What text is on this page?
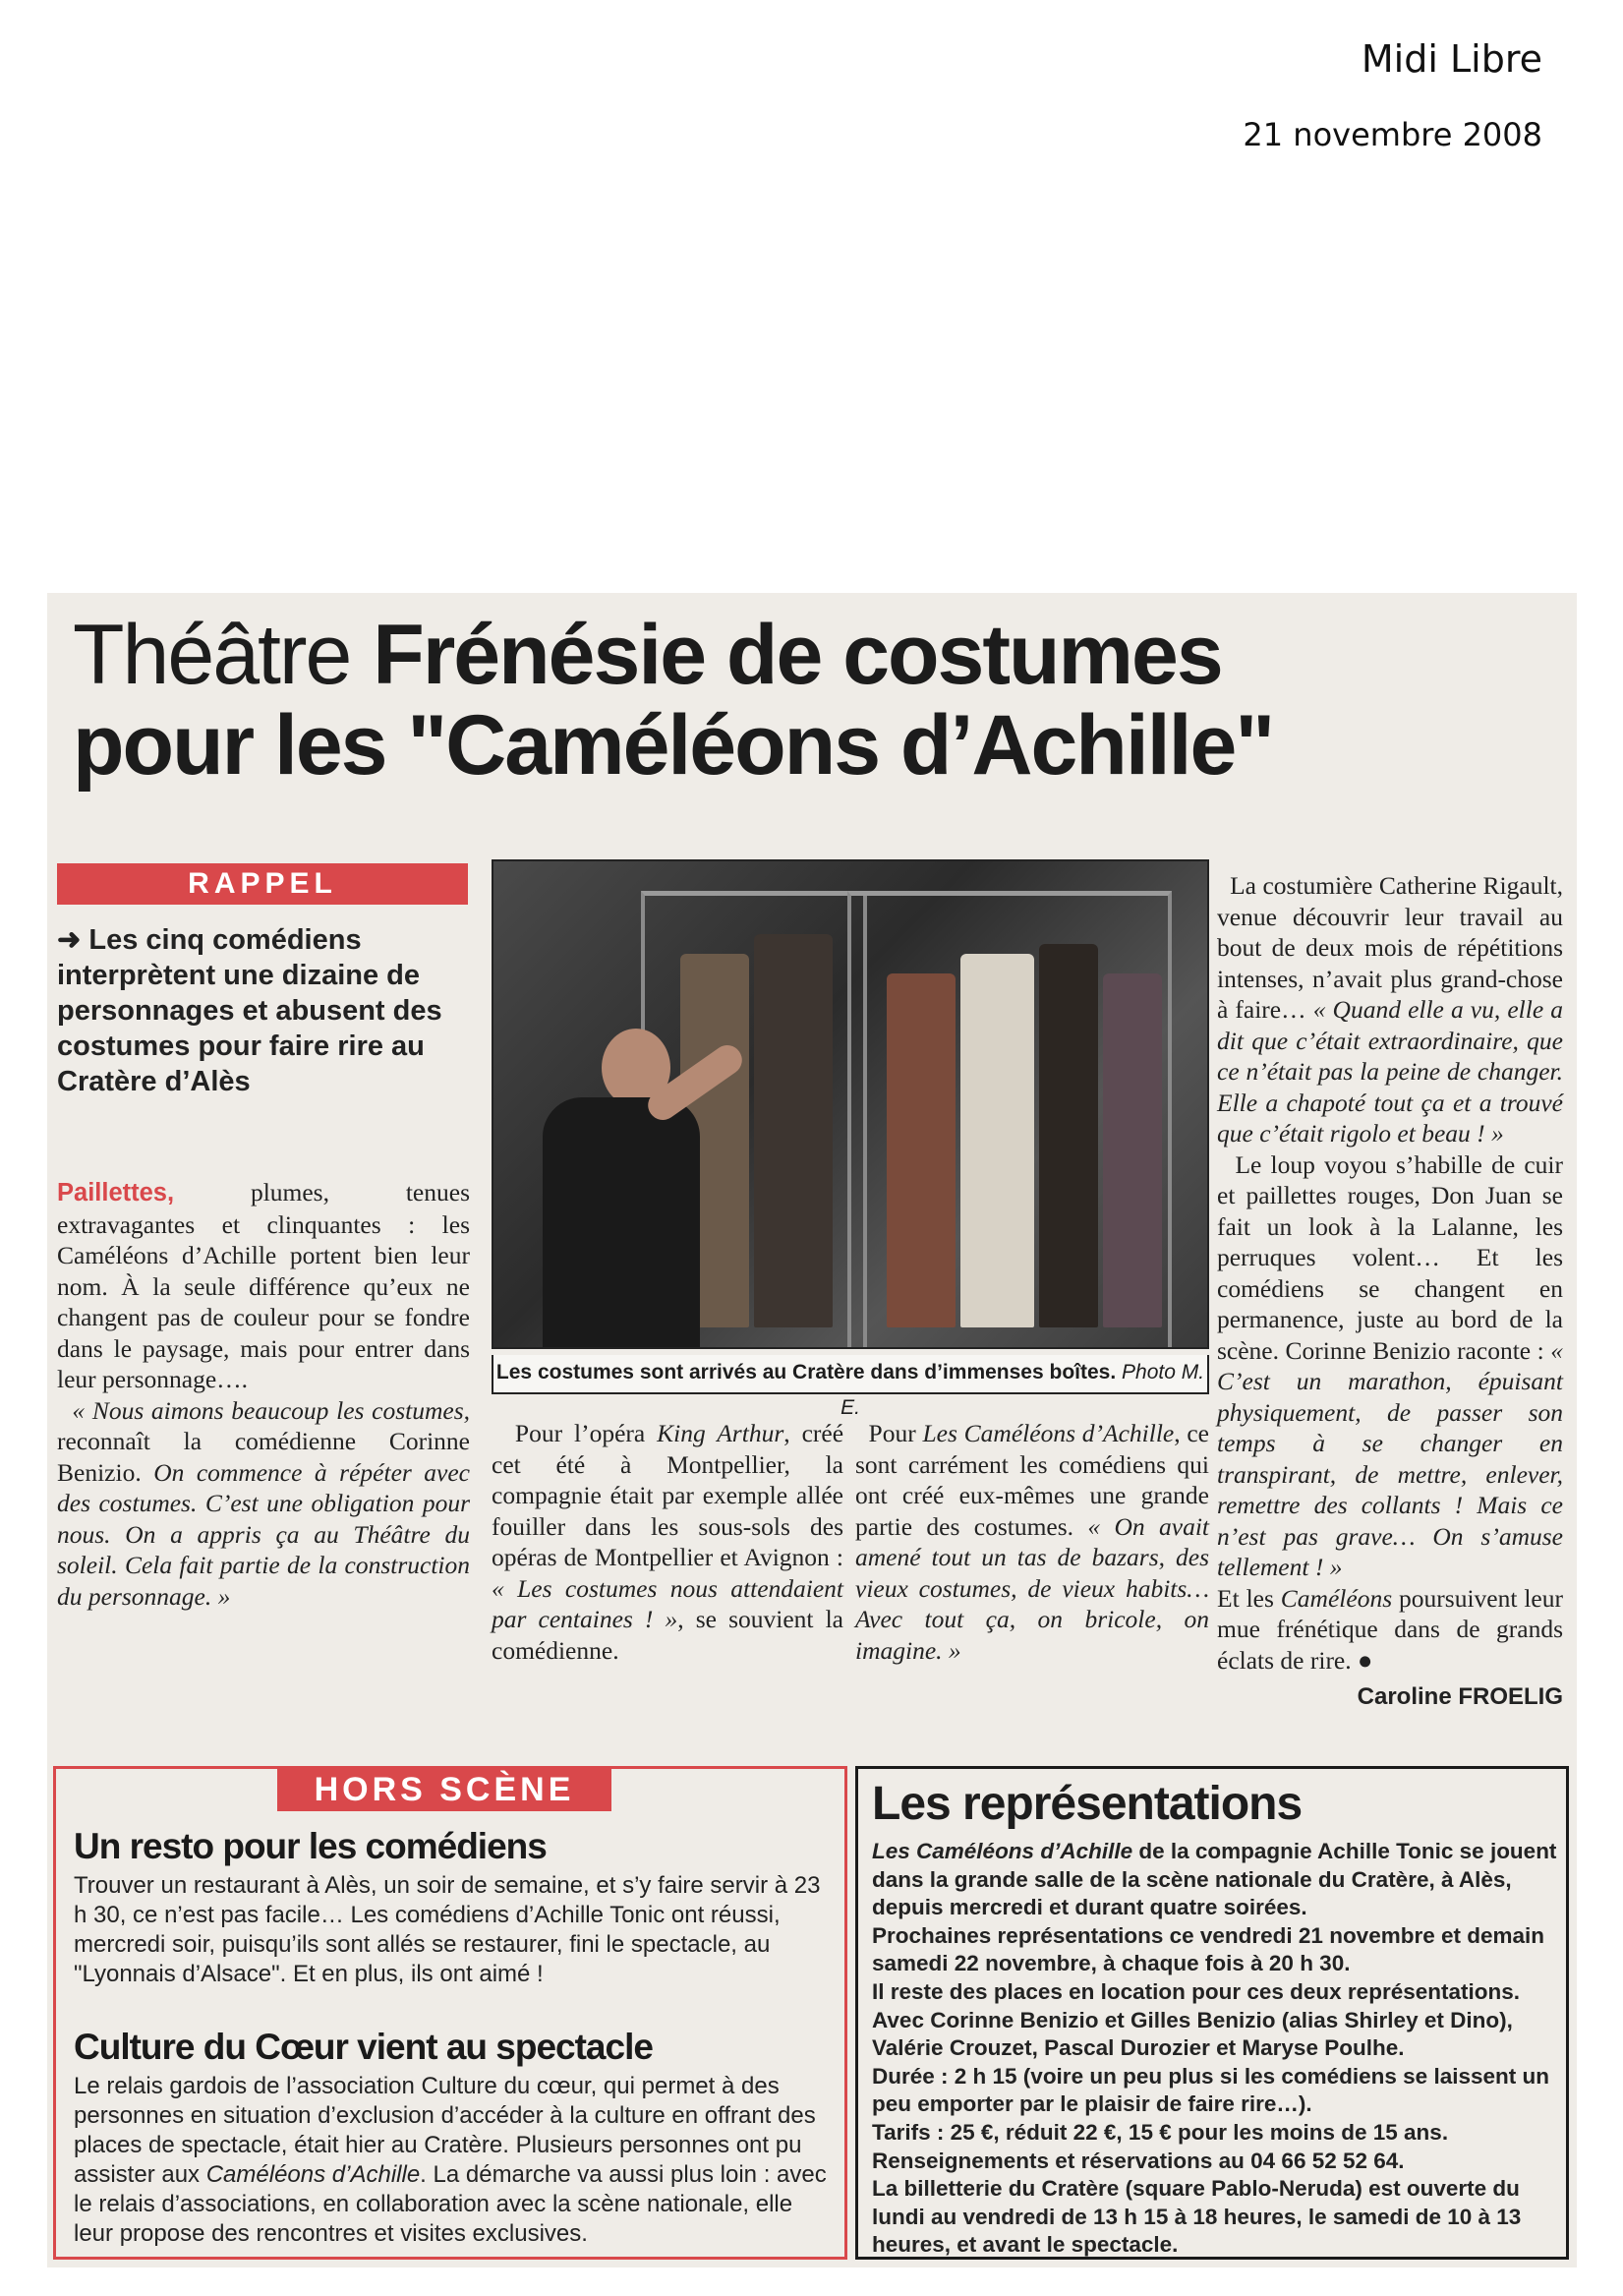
Midi Libre
21 novembre 2008
Théâtre Frénésie de costumes
pour les "Caméléons d’Achille"
RAPPEL
➜ Les cinq comédiens interprètent une dizaine de personnages et abusent des costumes pour faire rire au Cratère d’Alès

Paillettes,	plumes, tenues extravagantes et clinquantes : les Caméléons d’Achille portent bien leur nom. À la seule différence qu’eux ne changent pas de couleur pour se fondre dans le paysage, mais pour entrer dans leur personnage….

« Nous aimons beaucoup les costumes, reconnaît la comédienne Corinne Benizio. On commence à répéter avec des costumes. C’est une obligation pour nous. On a appris ça au Théâtre du soleil. Cela fait partie de la construction du personnage. »

Les costumes sont arrivés au Cratère dans d’immenses boîtes. Photo M. E.

Pour l’opéra King Arthur, créé cet été à Montpellier, la compagnie était par exemple allée fouiller dans les sous-sols des opéras de Montpellier et Avignon : « Les costumes nous attendaient par centaines ! », se souvient la comédienne.

Pour Les Caméléons d’Achille, ce sont carrément les comédiens qui ont créé eux-mêmes une grande partie des costumes. « On avait amené tout un tas de bazars, des vieux costumes, de vieux habits… Avec tout ça, on bricole, on imagine. »

La costumière Catherine Rigault, venue découvrir leur travail au bout de deux mois de répétitions intenses, n’avait plus grand-chose à faire… « Quand elle a vu, elle a dit que c’était extraordinaire, que ce n’était pas la peine de changer. Elle a chapoté tout ça et a trouvé que c’était rigolo et beau ! »

Le loup voyou s’habille de cuir et paillettes rouges, Don Juan se fait un look à la Lalanne, les perruques volent… Et les comédiens se changent en permanence, juste au bord de la scène. Corinne Benizio raconte : « C’est un marathon, épuisant physiquement, de passer son temps à se changer en transpirant, de mettre, enlever, remettre des collants ! Mais ce n’est pas grave… On s’amuse tellement ! »

Et les Caméléons poursuivent leur mue frénétique dans de grands éclats de rire. ●

Caroline FROELIG
HORS SCÈNE
Un resto pour les comédiens
Trouver un restaurant à Alès, un soir de semaine, et s’y faire servir à 23 h 30, ce n’est pas facile… Les comédiens d’Achille Tonic ont réussi, mercredi soir, puisqu’ils sont allés se restaurer, fini le spectacle, au "Lyonnais d’Alsace". Et en plus, ils ont aimé !
Culture du Cœur vient au spectacle
Le relais gardois de l’association Culture du cœur, qui permet à des personnes en situation d’exclusion d’accéder à la culture en offrant des places de spectacle, était hier au Cratère. Plusieurs personnes ont pu assister aux Caméléons d’Achille. La démarche va aussi plus loin : avec le relais d’associations, en collaboration avec la scène nationale, elle leur propose des rencontres et visites exclusives.
Les représentations

Les Caméléons d’Achille de la compagnie Achille Tonic se jouent dans la grande salle de la scène nationale du Cratère, à Alès, depuis mercredi et durant quatre soirées.

Prochaines représentations ce vendredi 21 novembre et demain samedi 22 novembre, à chaque fois à 20 h 30.

Il reste des places en location pour ces deux représentations.

Avec Corinne Benizio et Gilles Benizio (alias Shirley et Dino), Valérie Crouzet, Pascal Durozier et Maryse Poulhe.

Durée : 2 h 15 (voire un peu plus si les comédiens se laissent un peu emporter par le plaisir de faire rire…).

Tarifs : 25 €, réduit 22 €, 15 € pour les moins de 15 ans.

Renseignements et réservations au 04 66 52 52 64.

La billetterie du Cratère (square Pablo-Neruda) est ouverte du lundi au vendredi de 13 h 15 à 18 heures, le samedi de 10 à 13 heures, et avant le spectacle.
